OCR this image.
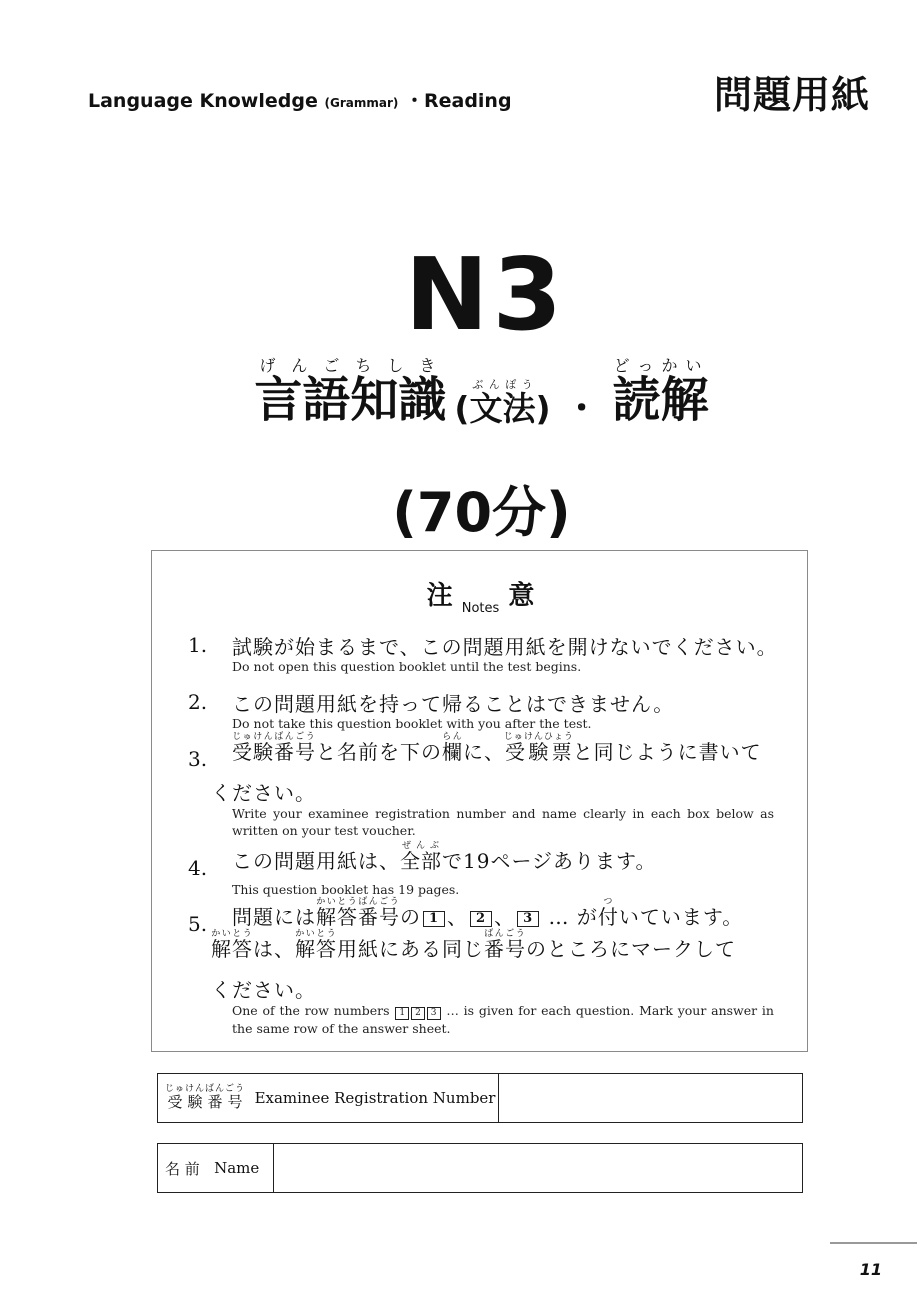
Language Knowledge (Grammar) ・Reading	問題用紙
N3
言語げんご
知識ちしき
(文法ぶんぽう) ・ 読解どっかい
(70分)
注 $_{Notes}$ 意
1. 試験が始まるまで、この問題用紙を開けないでください。
Do not open this question booklet until the test begins.
2. この問題用紙を持って帰ることはできません。
Do not take this question booklet with you after the test.
3. 受験番号じゅけんばんごうと名前を下の欄らんに、受験票じゅけんひょうと同じように書いて
ください。
Write your examinee registration number and name clearly in each box below as written on your test voucher.
4. この問題用紙は、全部ぜんぶで19ページあります。
This question booklet has 19 pages.
5. 問題には解答番号かいとうばんごうの 1 、 2 、 3 … が付ついています。
解答かいとうは、解答かいとう用紙にある同じ番号ばんごうのところにマークして
ください。
One of the row numbers 1 2 3 … is given for each question. Mark your answer in the same row of the answer sheet.
受験番号じゅけんばんごう
Examinee Registration Number
名 前
Name
11
